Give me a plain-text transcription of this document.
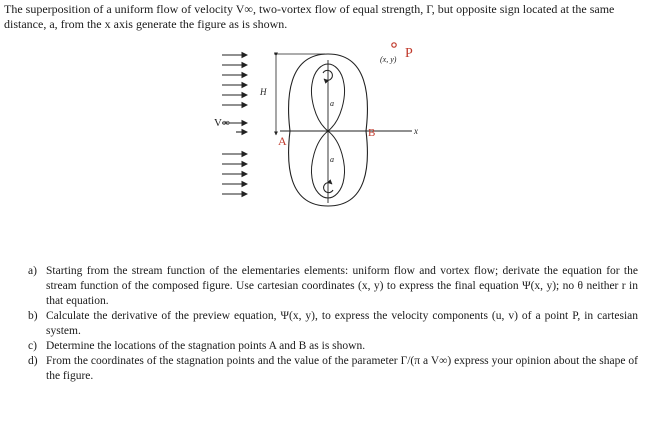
The superposition of a uniform flow of velocity V∞, two-vortex flow of equal strength, Γ, but opposite sign located at the same distance, a, from the x axis generate the figure as is shown.

V∞
H
x
a
a
A
B
(x, y) P
a) Starting from the stream function of the elementaries elements: uniform flow and vortex flow; derivate the equation for the stream function of the composed figure. Use cartesian coordinates (x, y) to express the final equation Ψ(x, y); no θ neither r in that equation.
b) Calculate the derivative of the preview equation, Ψ(x, y), to express the velocity components (u, v) of a point P, in cartesian system.
c) Determine the locations of the stagnation points A and B as is shown.
d) From the coordinates of the stagnation points and the value of the parameter Γ/(π a V∞) express your opinion about the shape of the figure.
